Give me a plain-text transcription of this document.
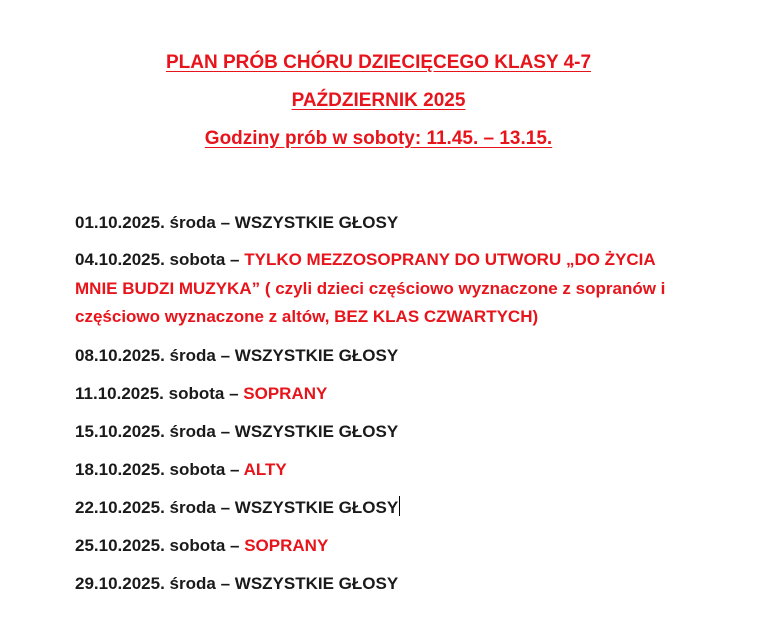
PLAN PRÓB CHÓRU DZIECIĘCEGO KLASY 4-7
PAŹDZIERNIK 2025
Godziny prób w soboty: 11.45. – 13.15.
01.10.2025. środa – WSZYSTKIE GŁOSY
04.10.2025. sobota – TYLKO MEZZOSOPRANY DO UTWORU „DO ŻYCIA MNIE BUDZI MUZYKA” ( czyli dzieci częściowo wyznaczone z sopranów i częściowo wyznaczone z altów, BEZ KLAS CZWARTYCH)
08.10.2025. środa – WSZYSTKIE GŁOSY
11.10.2025. sobota – SOPRANY
15.10.2025. środa – WSZYSTKIE GŁOSY
18.10.2025. sobota – ALTY
22.10.2025. środa – WSZYSTKIE GŁOSY
25.10.2025. sobota – SOPRANY
29.10.2025. środa – WSZYSTKIE GŁOSY
